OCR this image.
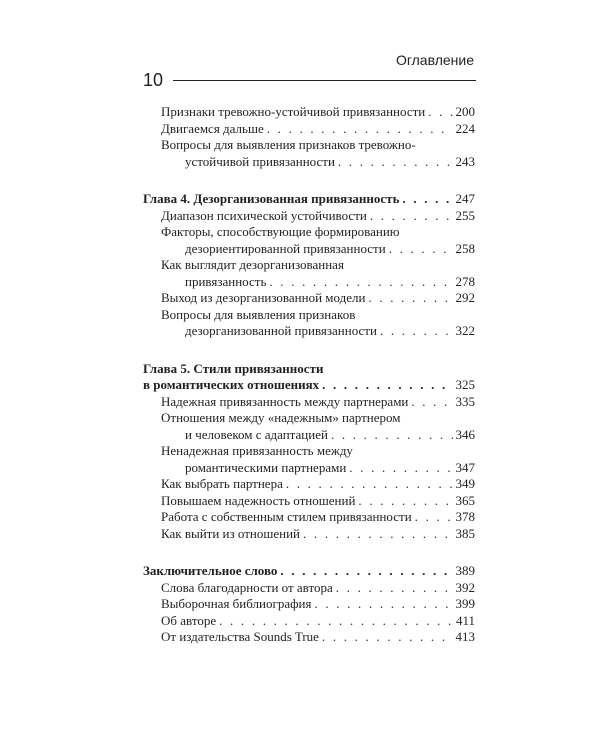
Оглавление
10
Признаки тревожно-устойчивой привязанности . . . 200
Двигаемся дальше . . .	224
Вопросы для выявления признаков тревожно-
устойчивой привязанности . . .	243
Глава 4. Дезорганизованная привязанность . . .	247
Диапазон психической устойчивости . . .	255
Факторы, способствующие формированию
дезориентированной привязанности . . .	258
Как выглядит дезорганизованная
привязанность . . .	278
Выход из дезорганизованной модели . . .	292
Вопросы для выявления признаков
дезорганизованной привязанности . . .	322
Глава 5. Стили привязанности
в романтических отношениях . . .	325
Надежная привязанность между партнерами . . .	335
Отношения между «надежным» партнером
и человеком с адаптацией . . .	346
Ненадежная привязанность между
романтическими партнерами . . .	347
Как выбрать партнера . . .	349
Повышаем надежность отношений . . .	365
Работа с собственным стилем привязанности . . .	378
Как выйти из отношений . . .	385
Заключительное слово . . .	389
Слова благодарности от автора . . .	392
Выборочная библиография . . .	399
Об авторе . . .	411
От издательства Sounds True . . .	413
